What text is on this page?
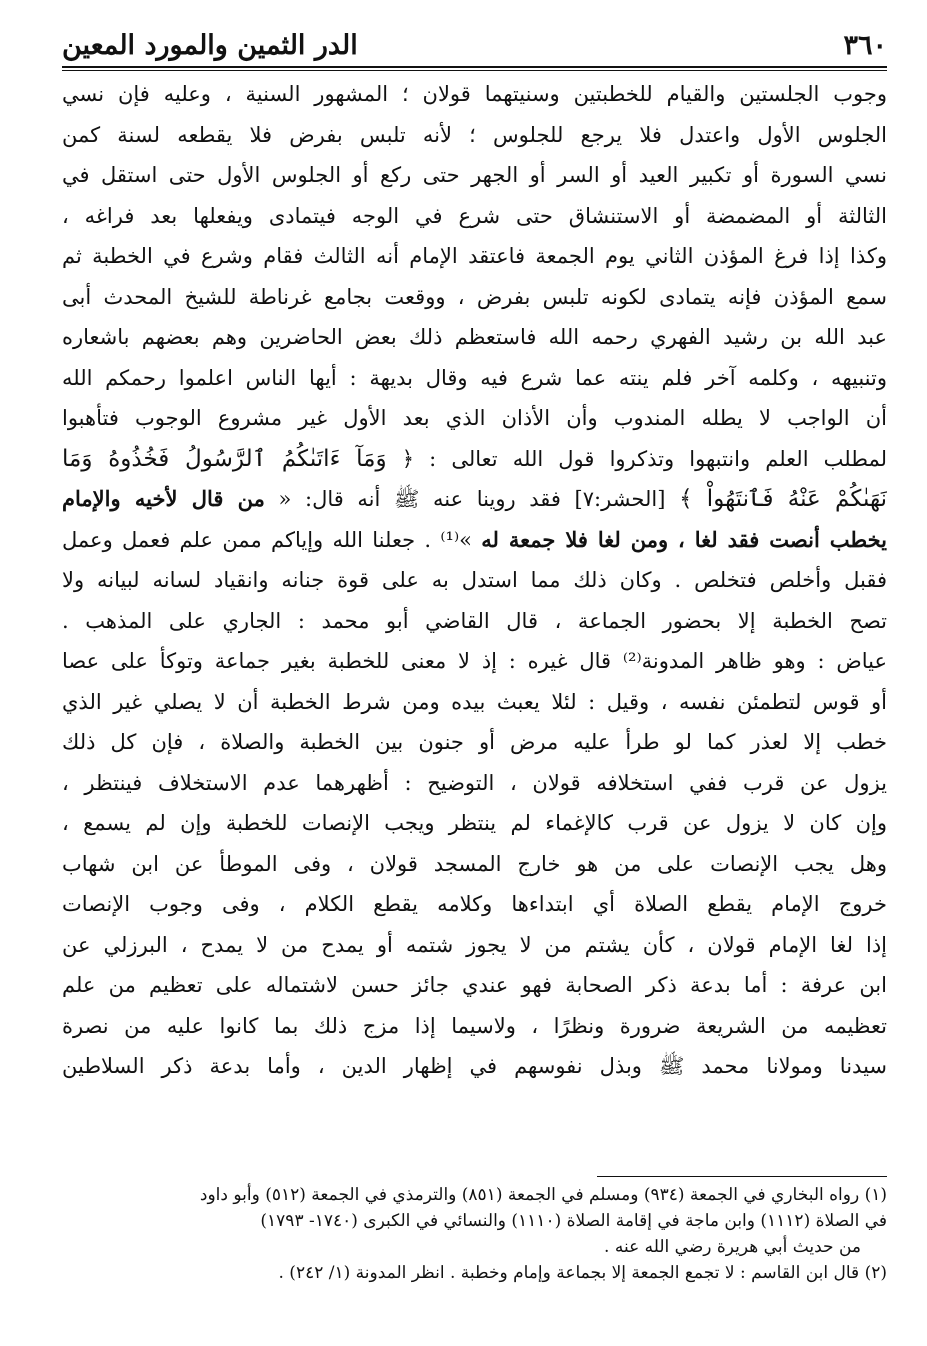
٣٦٠
الدر الثمين والمورد المعين
وجوب الجلستين والقيام للخطبتين وسنيتهما قولان ؛ المشهور السنية ، وعليه فإن نسي
الجلوس الأول واعتدل فلا يرجع للجلوس ؛ لأنه تلبس بفرض فلا يقطعه لسنة كمن
نسي السورة أو تكبير العيد أو السر أو الجهر حتى ركع أو الجلوس الأول حتى استقل في
الثالثة أو المضمضة أو الاستنشاق حتى شرع في الوجه فيتمادى ويفعلها بعد فراغه ،
وكذا إذا فرغ المؤذن الثاني يوم الجمعة فاعتقد الإمام أنه الثالث فقام وشرع في الخطبة ثم
سمع المؤذن فإنه يتمادى لكونه تلبس بفرض ، ووقعت بجامع غرناطة للشيخ المحدث أبى
عبد الله بن رشيد الفهري رحمه الله فاستعظم ذلك بعض الحاضرين وهم بعضهم باشعاره
وتنبيهه ، وكلمه آخر فلم ينته عما شرع فيه وقال بديهة : أيها الناس اعلموا رحمكم الله
أن الواجب لا يطله المندوب وأن الأذان الذي بعد الأول غير مشروع الوجوب فتأهبوا
لمطلب العلم وانتبهوا وتذكروا قول الله تعالى : ﴿ وَمَآ ءَاتَىٰكُمُ ٱلرَّسُولُ فَخُذُوهُ وَمَا
نَهَىٰكُمْ عَنْهُ فَٱنتَهُواْ ﴾ [الحشر:٧] فقد روينا عنه ﷺ أنه قال: « من قال لأخيه والإمام
يخطب أنصت فقد لغا ، ومن لغا فلا جمعة له »⁽¹⁾ . جعلنا الله وإياكم ممن علم فعمل وعمل
فقبل وأخلص فتخلص . وكان ذلك مما استدل به على قوة جنانه وانقياد لسانه لبيانه ولا
تصح الخطبة إلا بحضور الجماعة ، قال القاضي أبو محمد : الجاري على المذهب .
عياض : وهو ظاهر المدونة⁽²⁾ قال غيره : إذ لا معنى للخطبة بغير جماعة وتوكأ على عصا
أو قوس لتطمئن نفسه ، وقيل : لئلا يعبث بيده ومن شرط الخطبة أن لا يصلي غير الذي
خطب إلا لعذر كما لو طرأ عليه مرض أو جنون بين الخطبة والصلاة ، فإن كل ذلك
يزول عن قرب ففي استخلافه قولان ، التوضيح : أظهرهما عدم الاستخلاف فينتظر ،
وإن كان لا يزول عن قرب كالإغماء لم ينتظر ويجب الإنصات للخطبة وإن لم يسمع ،
وهل يجب الإنصات على من هو خارج المسجد قولان ، وفى الموطأ عن ابن شهاب
خروج الإمام يقطع الصلاة أي ابتداءها وكلامه يقطع الكلام ، وفى وجوب الإنصات
إذا لغا الإمام قولان ، كأن يشتم من لا يجوز شتمه أو يمدح من لا يمدح ، البرزلي عن
ابن عرفة : أما بدعة ذكر الصحابة فهو عندي جائز حسن لاشتماله على تعظيم من علم
تعظيمه من الشريعة ضرورة ونظرًا ، ولاسيما إذا مزج ذلك بما كانوا عليه من نصرة
سيدنا ومولانا محمد ﷺ وبذل نفوسهم في إظهار الدين ، وأما بدعة ذكر السلاطين
(١) رواه البخاري في الجمعة (٩٣٤) ومسلم في الجمعة (٨٥١) والترمذي في الجمعة (٥١٢) وأبو داود
في الصلاة (١١١٢) وابن ماجة في إقامة الصلاة (١١١٠) والنسائي في الكبرى (١٧٤٠- ١٧٩٣)
من حديث أبي هريرة رضي الله عنه .
(٢) قال ابن القاسم : لا تجمع الجمعة إلا بجماعة وإمام وخطبة . انظر المدونة (١/ ٢٤٢) .
